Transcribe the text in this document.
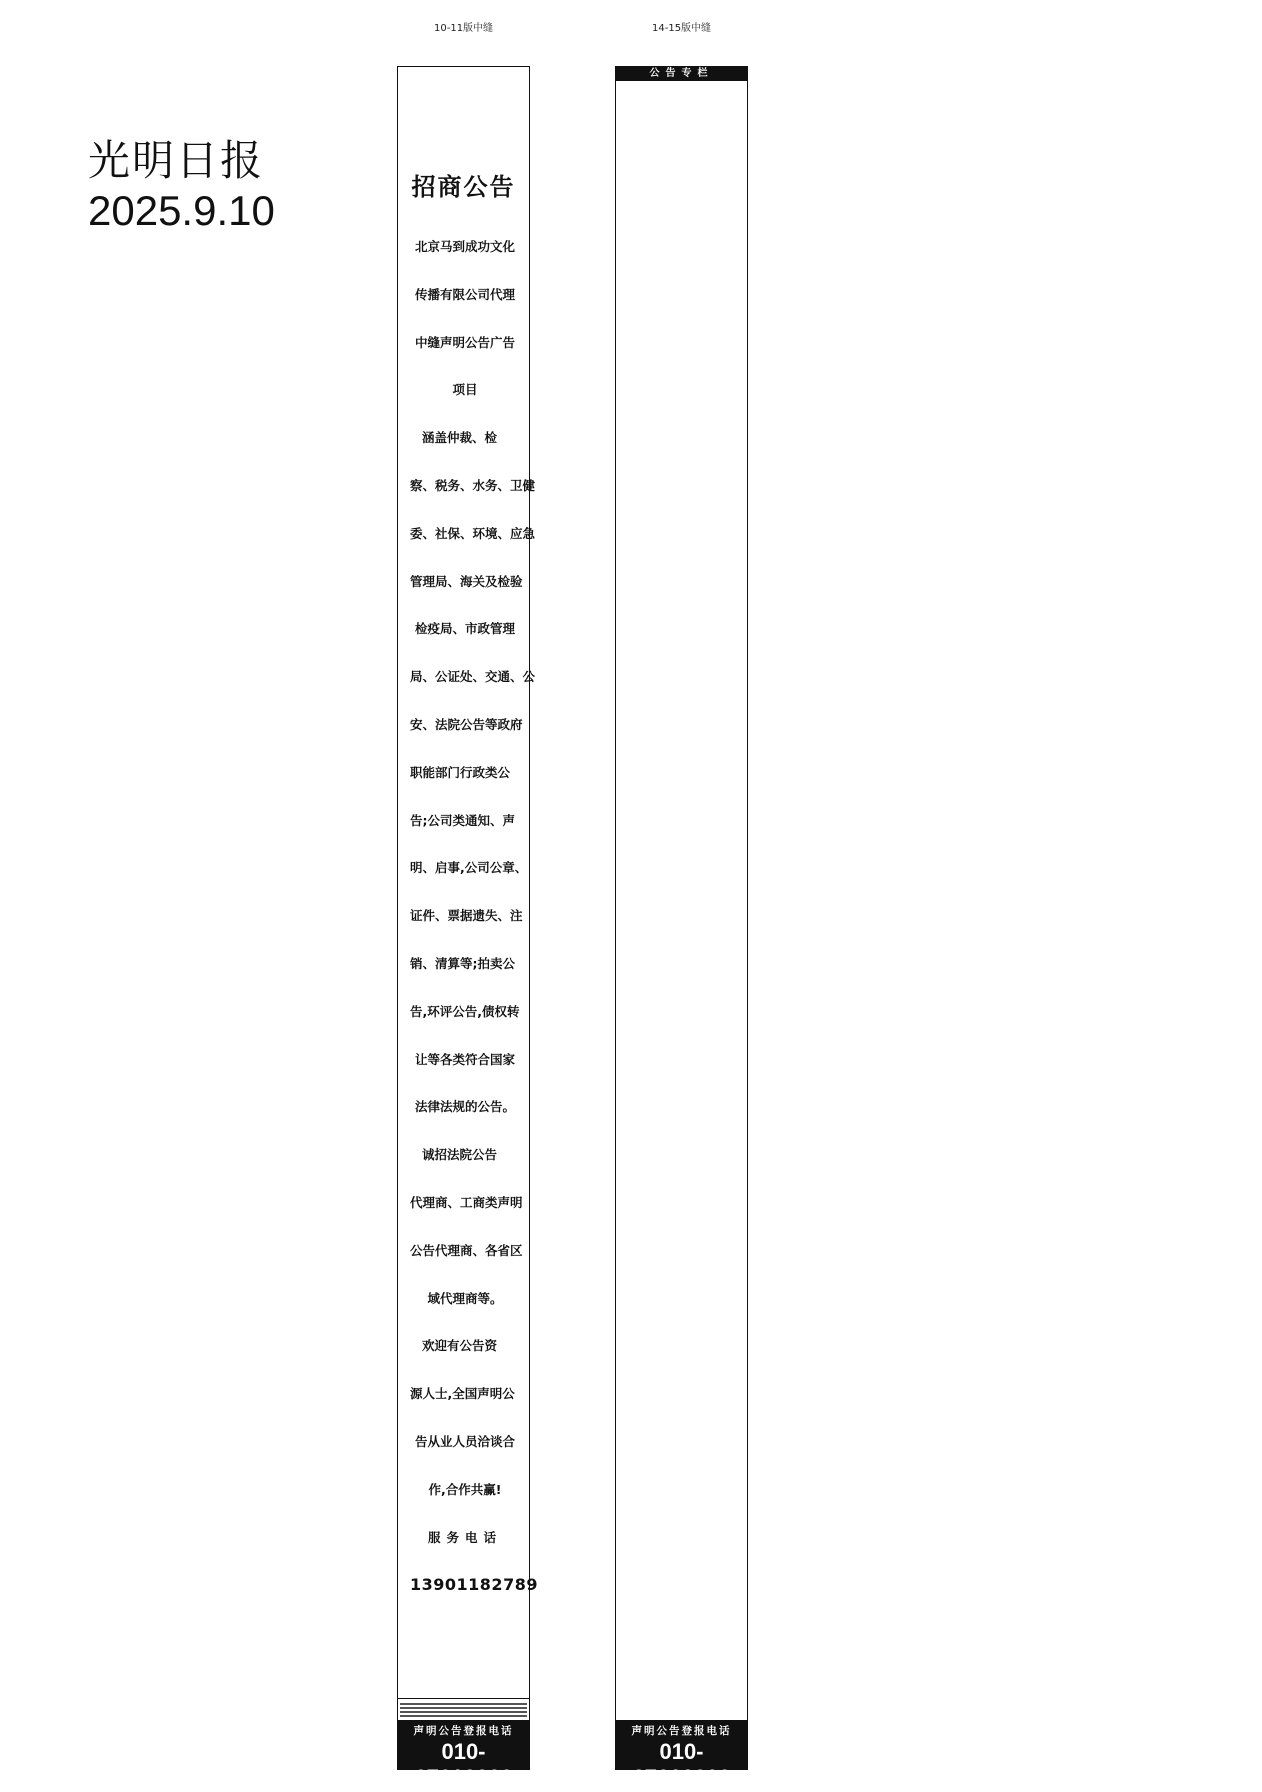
光明日报
2025.9.10
10-11版中缝	14-15版中缝
招商公告
北京马到成功文化
传播有限公司代理
中缝声明公告广告
项目
涵盖仲裁、检
察、税务、水务、卫健
委、社保、环境、应急
管理局、海关及检验
检疫局、市政管理
局、公证处、交通、公
安、法院公告等政府
职能部门行政类公
告;公司类通知、声
明、启事,公司公章、
证件、票据遗失、注
销、清算等;拍卖公
告,环评公告,债权转
让等各类符合国家
法律法规的公告。
诚招法院公告
代理商、工商类声明
公告代理商、各省区
域代理商等。
欢迎有公告资
源人士,全国声明公
告从业人员洽谈合
作,合作共赢!
服务电话
13901182789
声明公告登报电话
010-67616666
公告专栏
声明公告登报电话
010-67616666
